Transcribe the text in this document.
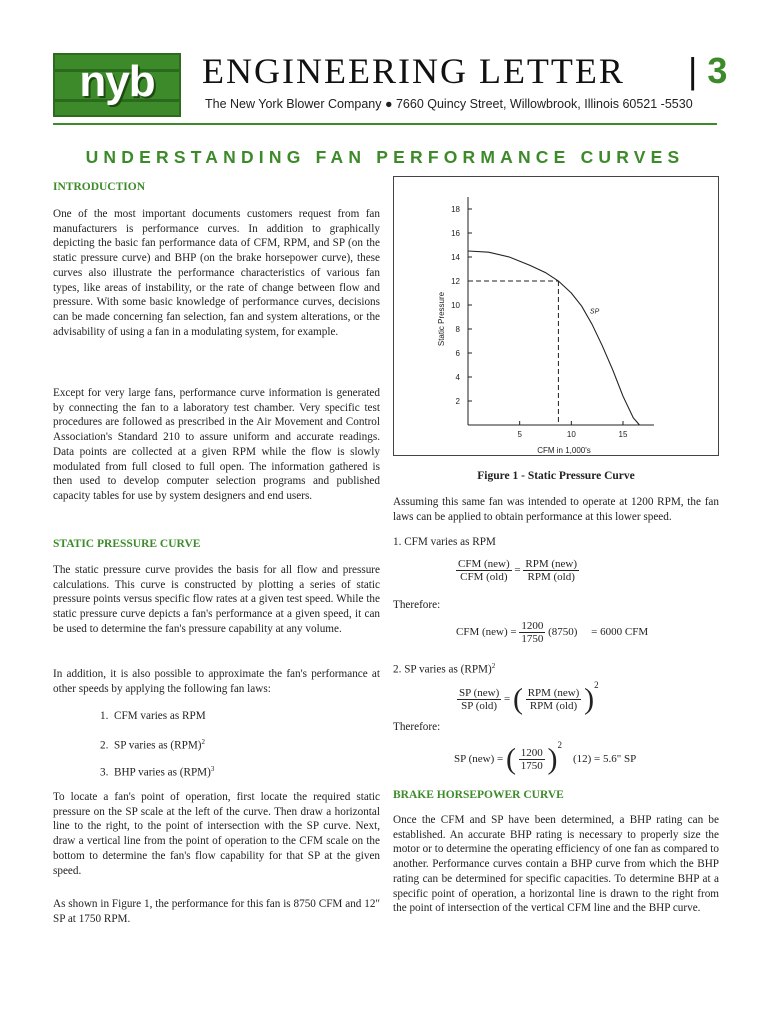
nyb	ENGINEERING LETTER | 3
The New York Blower Company ● 7660 Quincy Street, Willowbrook, Illinois 60521 -5530
UNDERSTANDING FAN PERFORMANCE CURVES
INTRODUCTION
One of the most important documents customers request from fan manufacturers is performance curves. In addition to graphically depicting the basic fan performance data of CFM, RPM, and SP (on the static pressure curve) and BHP (on the brake horsepower curve), these curves also illustrate the performance characteristics of various fan types, like areas of instability, or the rate of change between flow and pressure. With some basic knowledge of performance curves, decisions can be made concerning fan selection, fan and system alterations, or the advisability of using a fan in a modulating system, for example.
Except for very large fans, performance curve information is generated by connecting the fan to a laboratory test chamber. Very specific test procedures are followed as prescribed in the Air Movement and Control Association's Standard 210 to assure uniform and accurate readings. Data points are collected at a given RPM while the flow is slowly modulated from full closed to full open. The information gathered is then used to develop computer selection programs and published capacity tables for use by system designers and end users.
STATIC PRESSURE CURVE
The static pressure curve provides the basis for all flow and pressure calculations. This curve is constructed by plotting a series of static pressure points versus specific flow rates at a given test speed. While the static pressure curve depicts a fan's performance at a given speed, it can be used to determine the fan's pressure capability at any volume.
In addition, it is also possible to approximate the fan's performance at other speeds by applying the following fan laws:
1. CFM varies as RPM
2. SP varies as (RPM)$^2$
3. BHP varies as (RPM)$^3$
To locate a fan's point of operation, first locate the required static pressure on the SP scale at the left of the curve. Then draw a horizontal line to the right, to the point of intersection with the SP curve. Next, draw a vertical line from the point of operation to the CFM scale on the bottom to determine the fan's flow capability for that SP at the given speed.
As shown in Figure 1, the performance for this fan is 8750 CFM and 12" SP at 1750 RPM.
2
4
6
8
10
12
14
16
18
5	10	15
SP
Static Pressure
CFM in 1,000's
Figure 1 - Static Pressure Curve
Assuming this same fan was intended to operate at 1200 RPM, the fan laws can be applied to obtain performance at this lower speed.
1. CFM varies as RPM
$\frac{\text{CFM (new)}}{\text{CFM (old)}} = \frac{\text{RPM (new)}}{\text{RPM (old)}}$
Therefore:
CFM $(new) = \frac{1200}{1750} (8750) = 6000$ CFM
2. SP varies as (RPM)$^2$
$\frac{\text{SP (new)}}{\text{SP (old)}}$ = ( $\frac{\text{RPM (new)}}{\text{RPM (old)}} )^2$
Therefore:
SP (new) = ( $\frac{1200}{1750} )^2$    (12) = 5.6" SP
BRAKE HORSEPOWER CURVE
Once the CFM and SP have been determined, a BHP rating can be established. An accurate BHP rating is necessary to properly size the motor or to determine the operating efficiency of one fan as compared to another. Performance curves contain a BHP curve from which the BHP rating can be determined for specific capacities. To determine BHP at a specific point of operation, a horizontal line is drawn to the right from the point of intersection of the vertical CFM line and the BHP curve.
